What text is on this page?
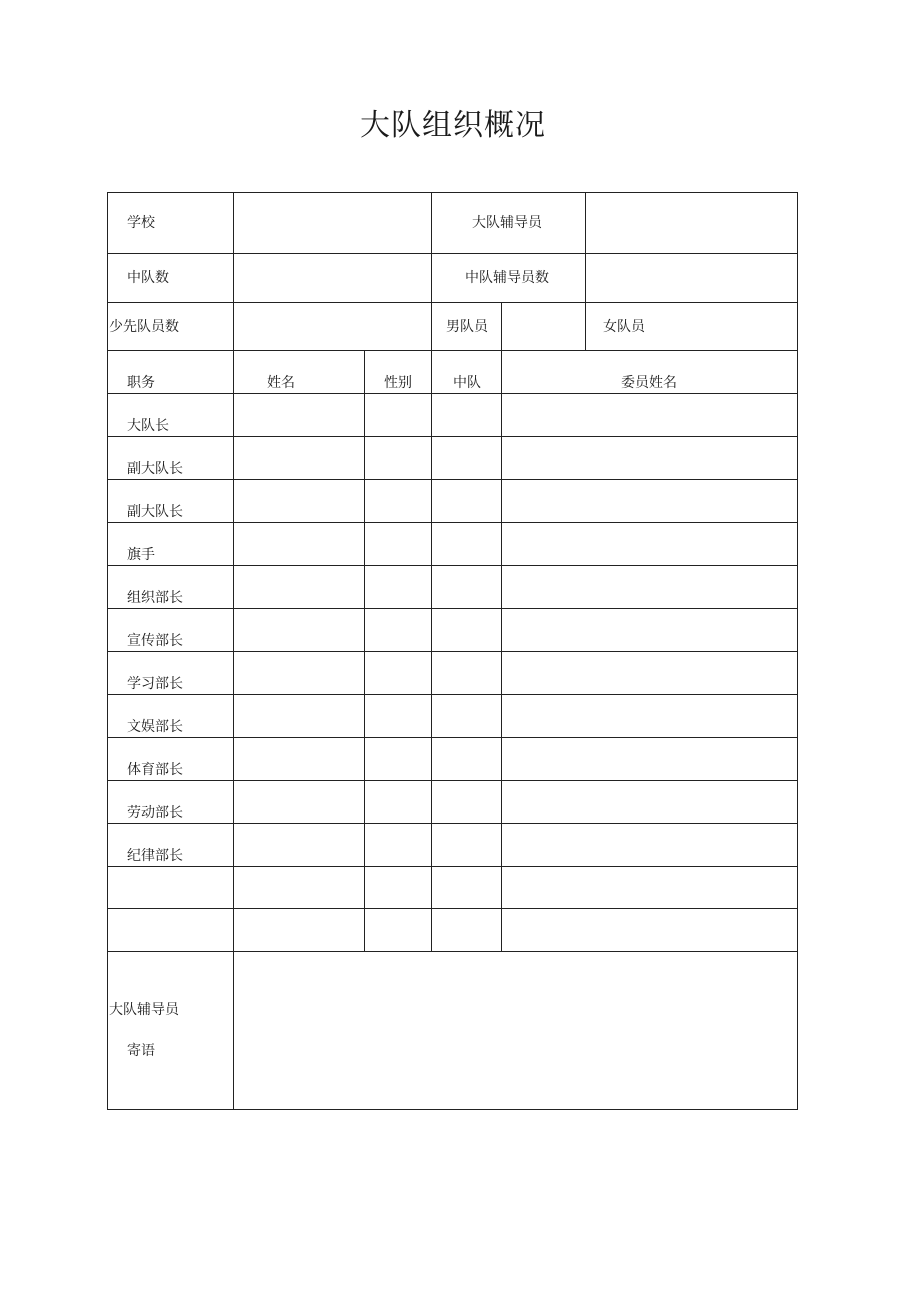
大队组织概况
学校	大队辅导员
中队数	中队辅导员数
少先队员数	男队员	女队员
职务	姓名	性别	中队	委员姓名
大队长
副大队长
副大队长
旗手
组织部长
宣传部长
学习部长
文娱部长
体育部长
劳动部长
纪律部长
大队辅导员
寄语
